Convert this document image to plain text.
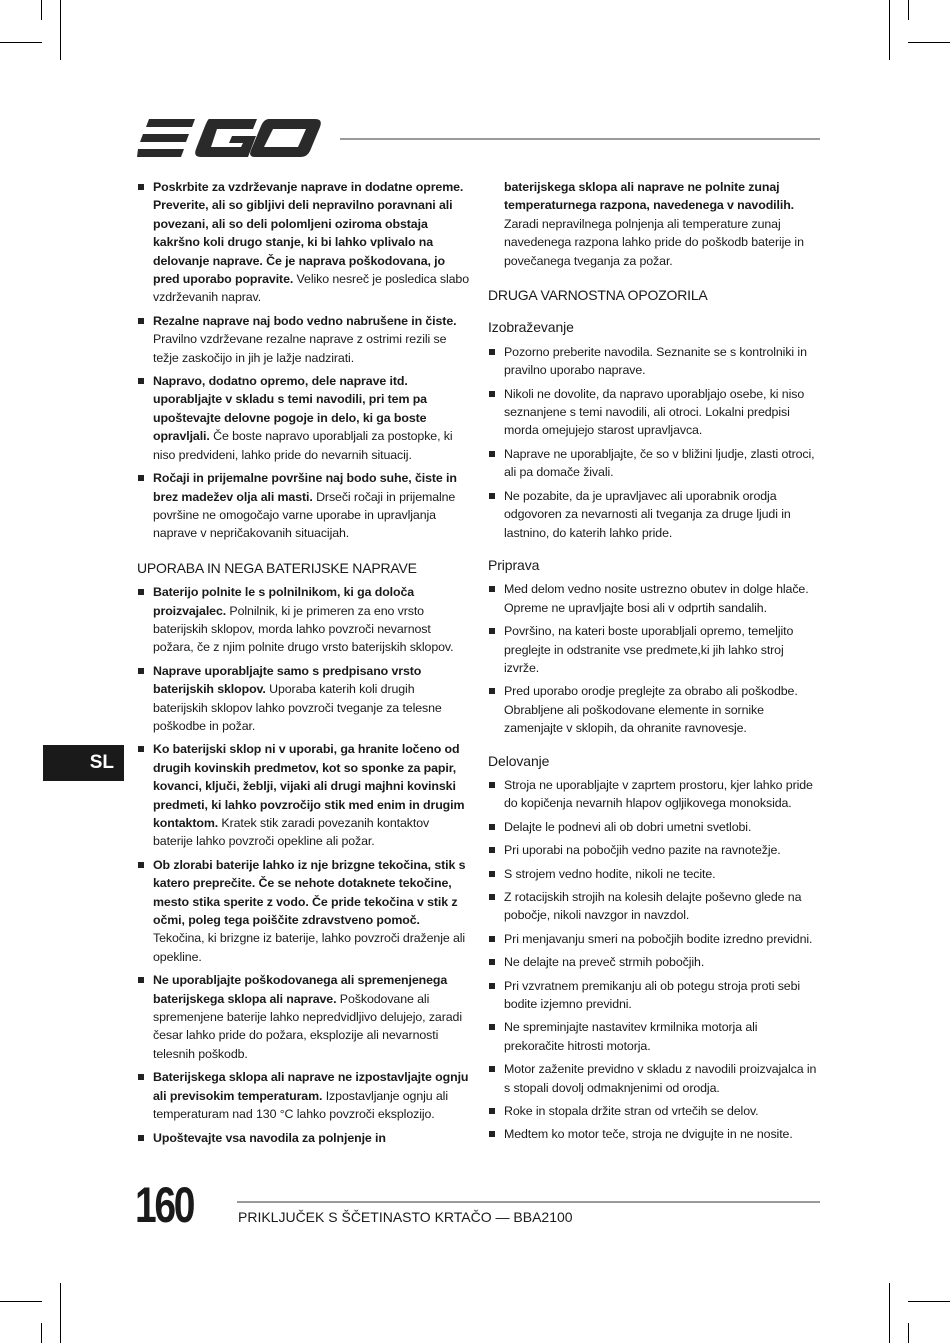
Poskrbite za vzdrževanje naprave in dodatne opreme. Preverite, ali so gibljivi deli nepravilno poravnani ali povezani, ali so deli polomljeni oziroma obstaja kakršno koli drugo stanje, ki bi lahko vplivalo na delovanje naprave. Če je naprava poškodovana, jo pred uporabo popravite. Veliko nesreč je posledica slabo vzdrževanih naprav.
Rezalne naprave naj bodo vedno nabrušene in čiste. Pravilno vzdrževane rezalne naprave z ostrimi rezili se težje zaskočijo in jih je lažje nadzirati.
Napravo, dodatno opremo, dele naprave itd. uporabljajte v skladu s temi navodili, pri tem pa upoštevajte delovne pogoje in delo, ki ga boste opravljali. Če boste napravo uporabljali za postopke, ki niso predvideni, lahko pride do nevarnih situacij.
Ročaji in prijemalne površine naj bodo suhe, čiste in brez madežev olja ali masti. Drseči ročaji in prijemalne površine ne omogočajo varne uporabe in upravljanja naprave v nepričakovanih situacijah.
UPORABA IN NEGA BATERIJSKE NAPRAVE
Baterijo polnite le s polnilnikom, ki ga določa proizvajalec. Polnilnik, ki je primeren za eno vrsto baterijskih sklopov, morda lahko povzroči nevarnost požara, če z njim polnite drugo vrsto baterijskih sklopov.
Naprave uporabljajte samo s predpisano vrsto baterijskih sklopov. Uporaba katerih koli drugih baterijskih sklopov lahko povzroči tveganje za telesne poškodbe in požar.
Ko baterijski sklop ni v uporabi, ga hranite ločeno od drugih kovinskih predmetov, kot so sponke za papir, kovanci, ključi, žeblji, vijaki ali drugi majhni kovinski predmeti, ki lahko povzročijo stik med enim in drugim kontaktom. Kratek stik zaradi povezanih kontaktov baterije lahko povzroči opekline ali požar.
Ob zlorabi baterije lahko iz nje brizgne tekočina, stik s katero preprečite. Če se nehote dotaknete tekočine, mesto stika sperite z vodo. Če pride tekočina v stik z očmi, poleg tega poiščite zdravstveno pomoč. Tekočina, ki brizgne iz baterije, lahko povzroči draženje ali opekline.
Ne uporabljajte poškodovanega ali spremenjenega baterijskega sklopa ali naprave. Poškodovane ali spremenjene baterije lahko nepredvidljivo delujejo, zaradi česar lahko pride do požara, eksplozije ali nevarnosti telesnih poškodb.
Baterijskega sklopa ali naprave ne izpostavljajte ognju ali previsokim temperaturam. Izpostavljanje ognju ali temperaturam nad 130 °C lahko povzroči eksplozijo.
Upoštevajte vsa navodila za polnjenje in
baterijskega sklopa ali naprave ne polnite zunaj temperaturnega razpona, navedenega v navodilih. Zaradi nepravilnega polnjenja ali temperature zunaj navedenega razpona lahko pride do poškodb baterije in povečanega tveganja za požar.
DRUGA VARNOSTNA OPOZORILA
Izobraževanje
Pozorno preberite navodila. Seznanite se s kontrolniki in pravilno uporabo naprave.
Nikoli ne dovolite, da napravo uporabljajo osebe, ki niso seznanjene s temi navodili, ali otroci. Lokalni predpisi morda omejujejo starost upravljavca.
Naprave ne uporabljajte, če so v bližini ljudje, zlasti otroci, ali pa domače živali.
Ne pozabite, da je upravljavec ali uporabnik orodja odgovoren za nevarnosti ali tveganja za druge ljudi in lastnino, do katerih lahko pride.
Priprava
Med delom vedno nosite ustrezno obutev in dolge hlače. Opreme ne upravljajte bosi ali v odprtih sandalih.
Površino, na kateri boste uporabljali opremo, temeljito preglejte in odstranite vse predmete,ki jih lahko stroj izvrže.
Pred uporabo orodje preglejte za obrabo ali poškodbe. Obrabljene ali poškodovane elemente in sornike zamenjajte v sklopih, da ohranite ravnovesje.
Delovanje
Stroja ne uporabljajte v zaprtem prostoru, kjer lahko pride do kopičenja nevarnih hlapov ogljikovega monoksida.
Delajte le podnevi ali ob dobri umetni svetlobi.
Pri uporabi na pobočjih vedno pazite na ravnotežje.
S strojem vedno hodite, nikoli ne tecite.
Z rotacijskih strojih na kolesih delajte poševno glede na pobočje, nikoli navzgor in navzdol.
Pri menjavanju smeri na pobočjih bodite izredno previdni.
Ne delajte na preveč strmih pobočjih.
Pri vzvratnem premikanju ali ob potegu stroja proti sebi bodite izjemno previdni.
Ne spreminjajte nastavitev krmilnika motorja ali prekoračite hitrosti motorja.
Motor zaženite previdno v skladu z navodili proizvajalca in s stopali dovolj odmaknjenimi od orodja.
Roke in stopala držite stran od vrtečih se delov.
Medtem ko motor teče, stroja ne dvigujte in ne nosite.
SL
160	PRIKLJUČEK S ŠČETINASTO KRTAČO — BBA2100
